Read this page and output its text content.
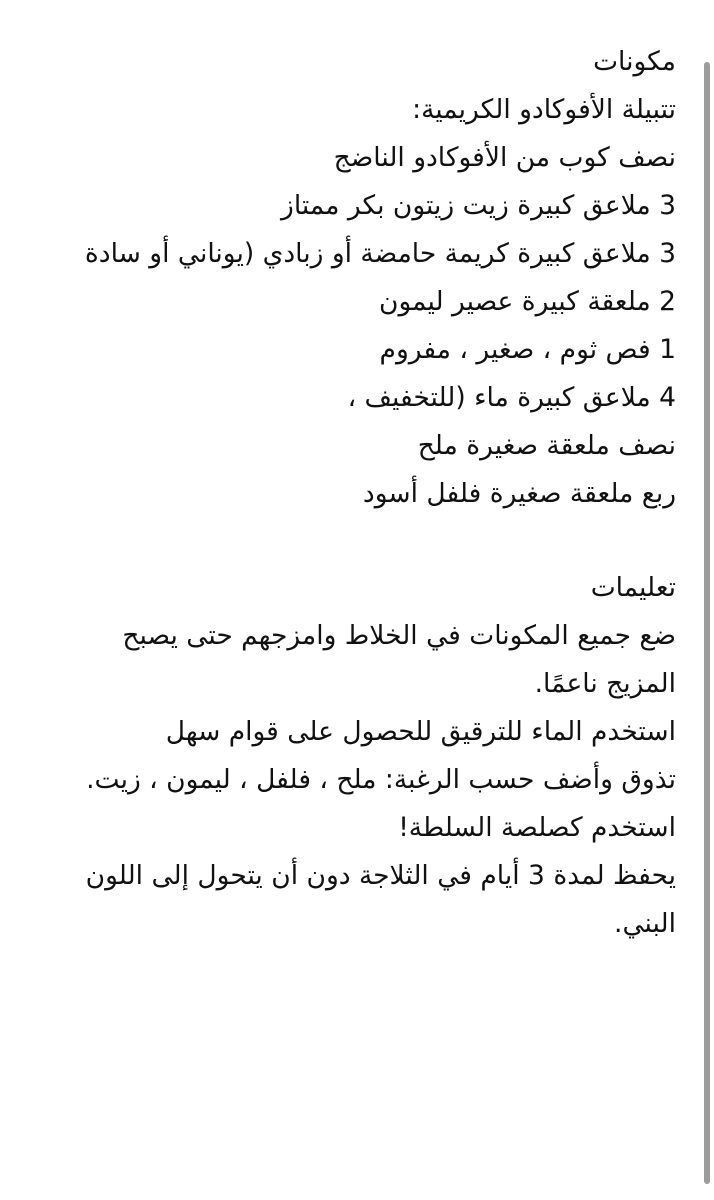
مكونات
تتبيلة الأفوكادو الكريمية:
نصف كوب من الأفوكادو الناضج
3 ملاعق كبيرة زيت زيتون بكر ممتاز
3 ملاعق كبيرة كريمة حامضة أو زبادي (يوناني أو سادة
2 ملعقة كبيرة عصير ليمون
1 فص ثوم ، صغير ، مفروم
4 ملاعق كبيرة ماء (للتخفيف ،
نصف ملعقة صغيرة ملح
ربع ملعقة صغيرة فلفل أسود
تعليمات
ضع جميع المكونات في الخلاط وامزجهم حتى يصبح
المزيج ناعمًا.
استخدم الماء للترقيق للحصول على قوام سهل
تذوق وأضف حسب الرغبة: ملح ، فلفل ، ليمون ، زيت.
استخدم كصلصة السلطة!
يحفظ لمدة 3 أيام في الثلاجة دون أن يتحول إلى اللون
البني.
